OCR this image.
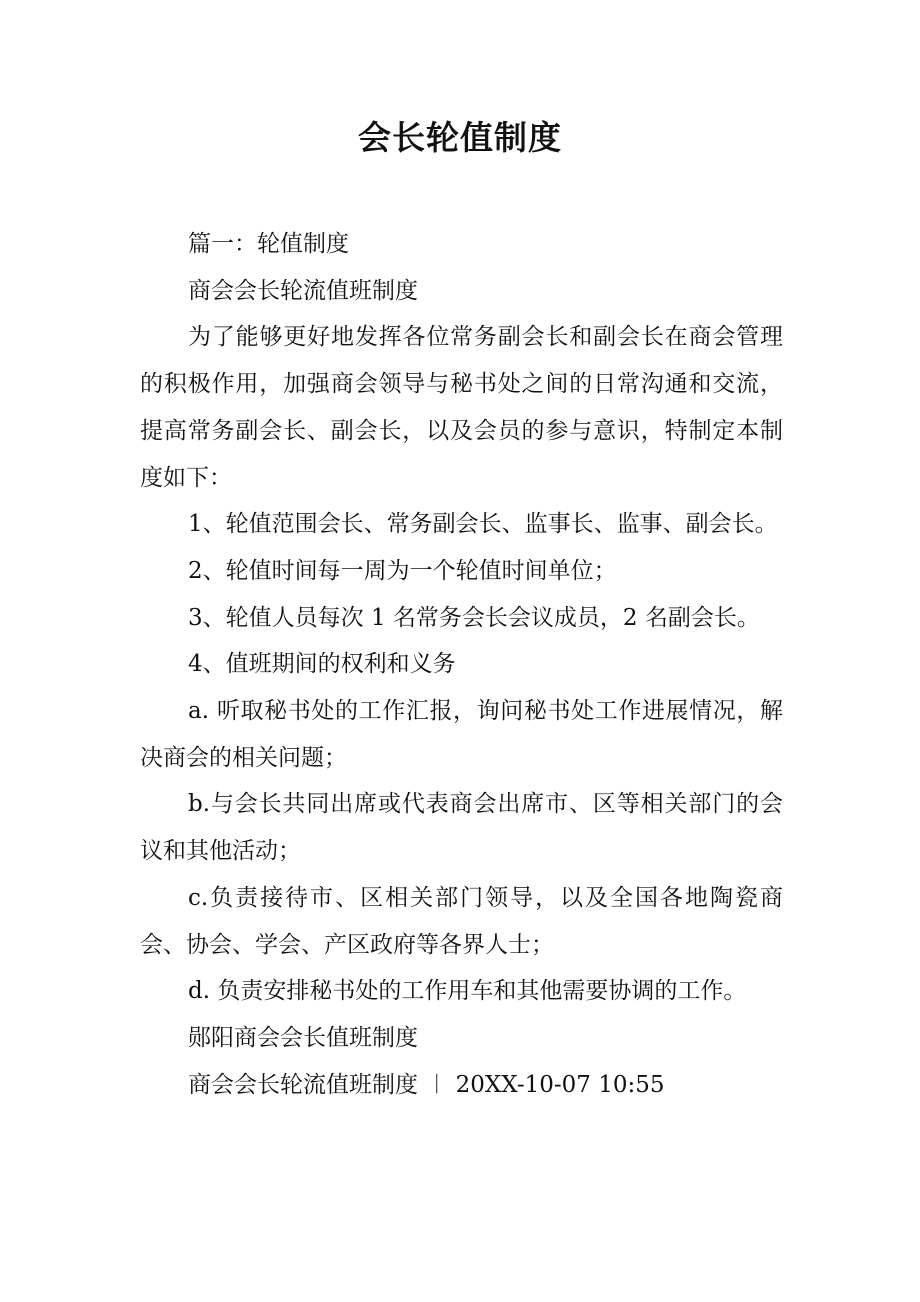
会长轮值制度

篇一：轮值制度

商会会长轮流值班制度

为了能够更好地发挥各位常务副会长和副会长在商会管理的积极作用，加强商会领导与秘书处之间的日常沟通和交流，提高常务副会长、副会长，以及会员的参与意识，特制定本制度如下：

1、轮值范围会长、常务副会长、监事长、监事、副会长。

2、轮值时间每一周为一个轮值时间单位；

3、轮值人员每次 1 名常务会长会议成员，2 名副会长。

4、值班期间的权利和义务

a. 听取秘书处的工作汇报，询问秘书处工作进展情况，解决商会的相关问题；

b.与会长共同出席或代表商会出席市、区等相关部门的会议和其他活动；

c.负责接待市、区相关部门领导，以及全国各地陶瓷商会、协会、学会、产区政府等各界人士；

d. 负责安排秘书处的工作用车和其他需要协调的工作。

郧阳商会会长值班制度

商会会长轮流值班制度 ︱ 20XX-10-07 10:55
